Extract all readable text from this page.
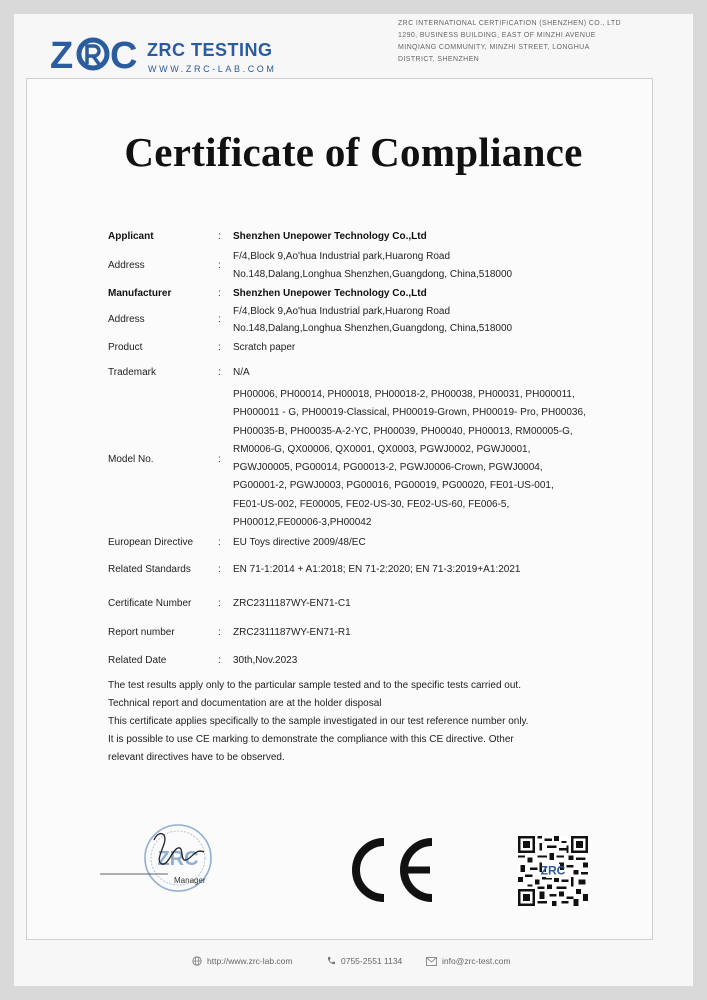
Z C ZRC TESTING
WWW.ZRC-LAB.COM
ZRC INTERNATIONAL CERTIFICATION (SHENZHEN) CO., LTD
1290, BUSINESS BUILDING, EAST OF MINZHI AVENUE
MINQIANG COMMUNITY, MINZHI STREET, LONGHUA
DISTRICT, SHENZHEN
Certificate of Compliance
Applicant	: Shenzhen Unepower Technology Co.,Ltd
Address	:
F/4,Block 9,Ao'hua Industrial park,Huarong Road
No.148,Dalang,Longhua Shenzhen,Guangdong, China,518000
Manufacturer	: Shenzhen Unepower Technology Co.,Ltd
Address	:
F/4,Block 9,Ao'hua Industrial park,Huarong Road
No.148,Dalang,Longhua Shenzhen,Guangdong, China,518000
Product	: Scratch paper
Trademark	: N/A
Model No.	:
PH00006, PH00014, PH00018, PH00018-2, PH00038, PH00031, PH000011,
PH000011 - G, PH00019-Classical, PH00019-Grown, PH00019- Pro, PH00036,
PH00035-B, PH00035-A-2-YC, PH00039, PH00040, PH00013, RM00005-G,
RM0006-G, QX00006, QX0001, QX0003, PGWJ0002, PGWJ0001,
PGWJ00005, PG00014, PG00013-2, PGWJ0006-Crown, PGWJ0004,
PG00001-2, PGWJ0003, PG00016, PG00019, PG00020, FE01-US-001,
FE01-US-002, FE00005, FE02-US-30, FE02-US-60, FE006-5,
PH00012,FE00006-3,PH00042
European Directive : EU Toys directive 2009/48/EC
Related Standards	: EN 71-1:2014 + A1:2018; EN 71-2:2020; EN 71-3:2019+A1:2021
Certificate Number	: ZRC2311187WY-EN71-C1
Report number	: ZRC2311187WY-EN71-R1
Related Date	: 30th,Nov.2023
The test results apply only to the particular sample tested and to the specific tests carried out.
Technical report and documentation are at the holder disposal
This certificate applies specifically to the sample investigated in our test reference number only.
It is possible to use CE marking to demonstrate the compliance with this CE directive. Other
relevant directives have to be observed.
ZRC
Manager
ZRC
http://www.zrc-lab.com	0755-2551 1134	info@zrc-test.com
